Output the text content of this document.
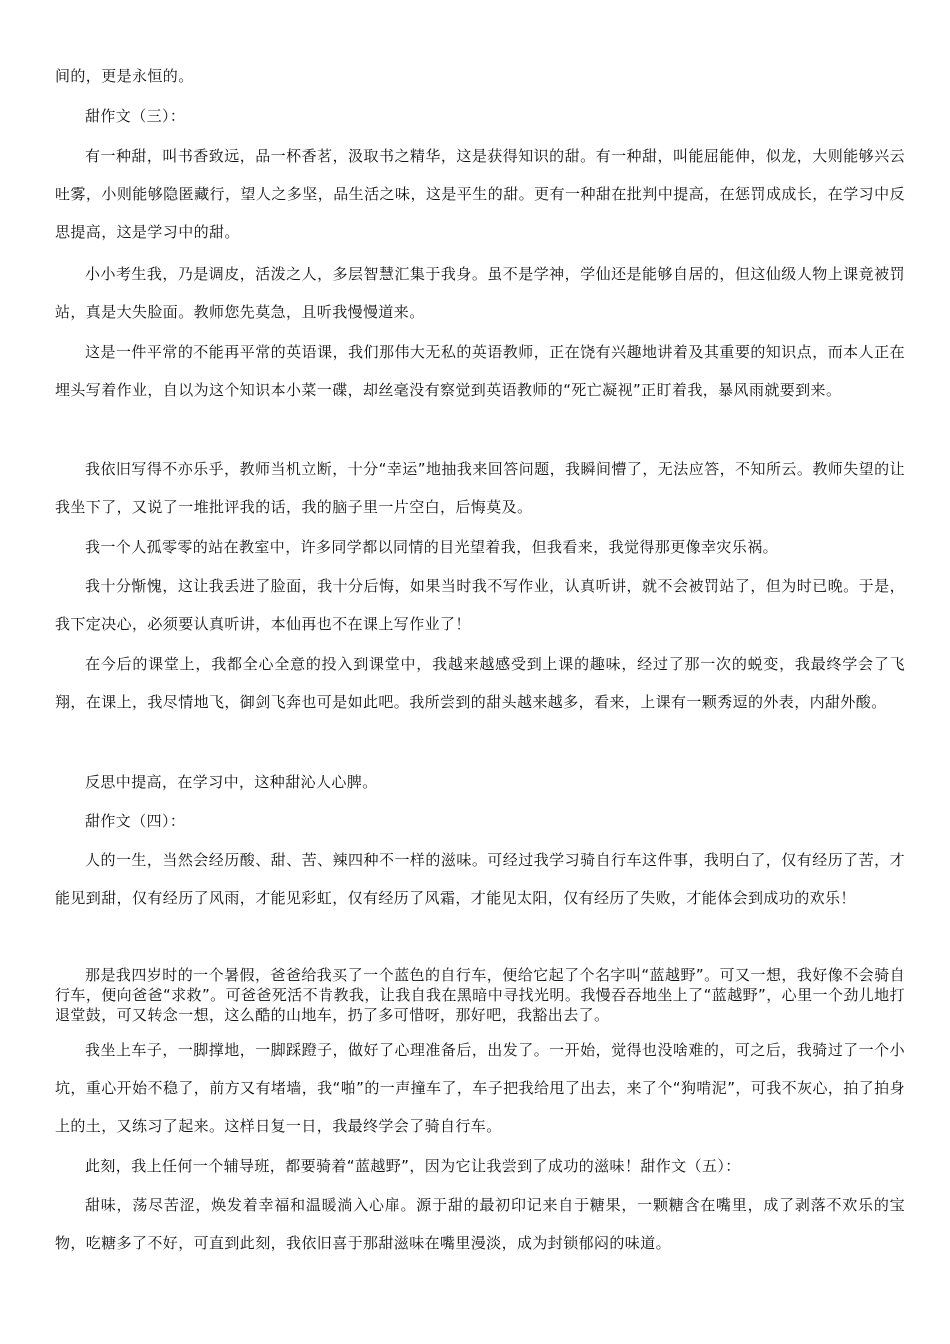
间的，更是永恒的。

甜作文（三）：

有一种甜，叫书香致远，品一杯香茗，汲取书之精华，这是获得知识的甜。有一种甜，叫能屈能伸，似龙，大则能够兴云吐雾，小则能够隐匿藏行，望人之多坚，品生活之味，这是平生的甜。更有一种甜在批判中提高，在惩罚成成长，在学习中反思提高，这是学习中的甜。

小小考生我，乃是调皮，活泼之人，多层智慧汇集于我身。虽不是学神，学仙还是能够自居的，但这仙级人物上课竟被罚站，真是大失脸面。教师您先莫急，且听我慢慢道来。

这是一件平常的不能再平常的英语课，我们那伟大无私的英语教师，正在饶有兴趣地讲着及其重要的知识点，而本人正在埋头写着作业，自以为这个知识本小菜一碟，却丝毫没有察觉到英语教师的“死亡凝视”正盯着我，暴风雨就要到来。

我依旧写得不亦乐乎，教师当机立断，十分“幸运”地抽我来回答问题，我瞬间懵了，无法应答，不知所云。教师失望的让我坐下了，又说了一堆批评我的话，我的脑子里一片空白，后悔莫及。

我一个人孤零零的站在教室中，许多同学都以同情的目光望着我，但我看来，我觉得那更像幸灾乐祸。

我十分惭愧，这让我丢进了脸面，我十分后悔，如果当时我不写作业，认真听讲，就不会被罚站了，但为时已晚。于是，我下定决心，必须要认真听讲，本仙再也不在课上写作业了！

在今后的课堂上，我都全心全意的投入到课堂中，我越来越感受到上课的趣味，经过了那一次的蜕变，我最终学会了飞翔，在课上，我尽情地飞，御剑飞奔也可是如此吧。我所尝到的甜头越来越多，看来，上课有一颗秀逗的外表，内甜外酸。

反思中提高，在学习中，这种甜沁人心脾。

甜作文（四）：

人的一生，当然会经历酸、甜、苦、辣四种不一样的滋味。可经过我学习骑自行车这件事，我明白了，仅有经历了苦，才能见到甜，仅有经历了风雨，才能见彩虹，仅有经历了风霜，才能见太阳，仅有经历了失败，才能体会到成功的欢乐！

那是我四岁时的一个暑假，爸爸给我买了一个蓝色的自行车，便给它起了个名字叫“蓝越野”。可又一想，我好像不会骑自行车，便向爸爸“求救”。可爸爸死活不肯教我，让我自我在黑暗中寻找光明。我慢吞吞地坐上了“蓝越野”，心里一个劲儿地打退堂鼓，可又转念一想，这么酷的山地车，扔了多可惜呀，那好吧，我豁出去了。

我坐上车子，一脚撑地，一脚踩蹬子，做好了心理准备后，出发了。一开始，觉得也没啥难的，可之后，我骑过了一个小坑，重心开始不稳了，前方又有堵墙，我“啪”的一声撞车了，车子把我给甩了出去，来了个“狗啃泥”，可我不灰心，拍了拍身上的土，又练习了起来。这样日复一日，我最终学会了骑自行车。

此刻，我上任何一个辅导班，都要骑着“蓝越野”，因为它让我尝到了成功的滋味！甜作文（五）：

甜味，荡尽苦涩，焕发着幸福和温暖淌入心扉。源于甜的最初印记来自于糖果，一颗糖含在嘴里，成了剥落不欢乐的宝物，吃糖多了不好，可直到此刻，我依旧喜于那甜滋味在嘴里漫淡，成为封锁郁闷的味道。
